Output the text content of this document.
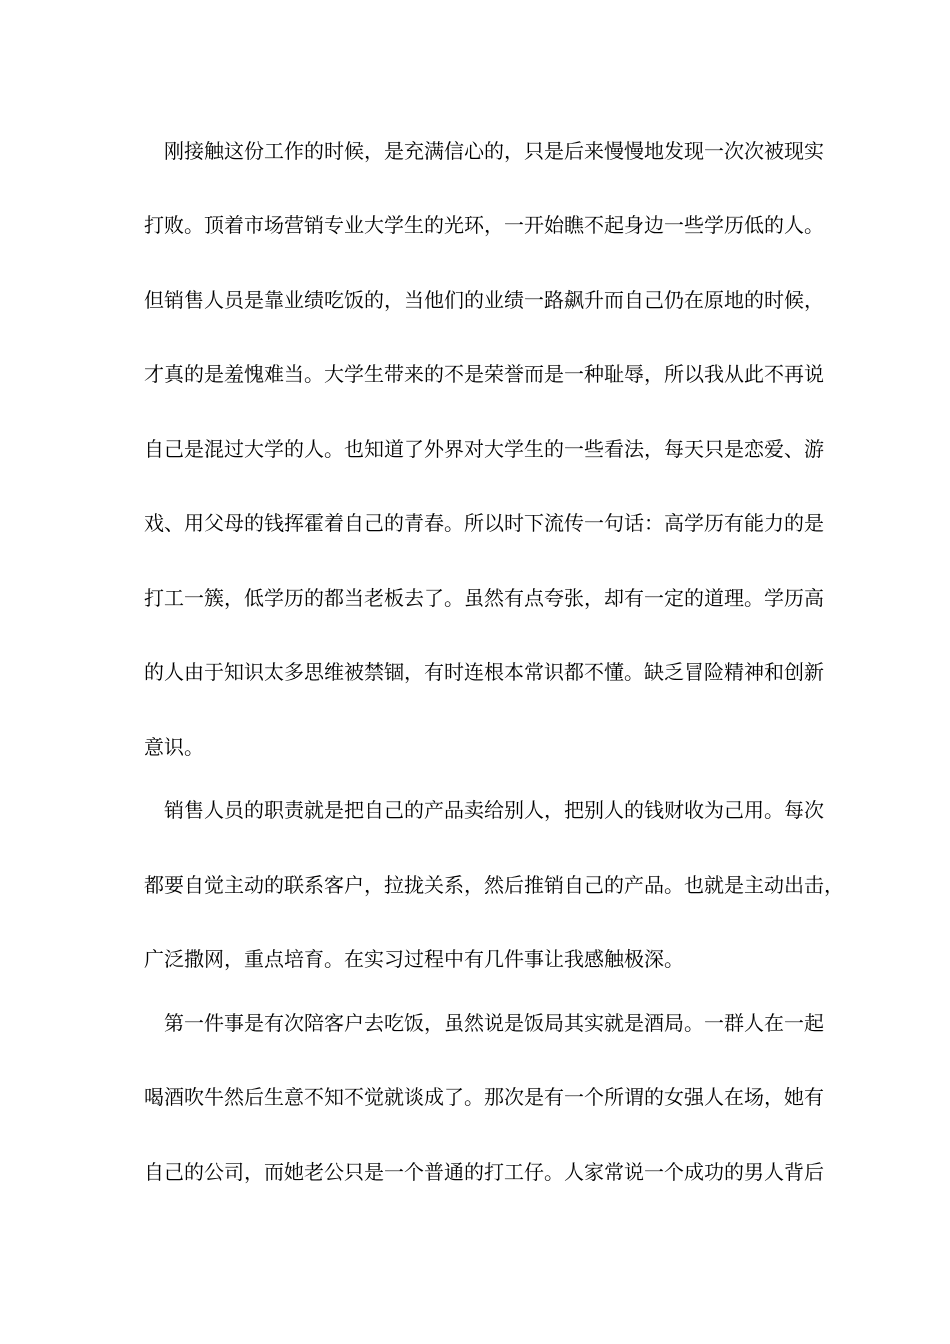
　刚接触这份工作的时候，是充满信心的，只是后来慢慢地发现一次次被现实
打败。顶着市场营销专业大学生的光环，一开始瞧不起身边一些学历低的人。
但销售人员是靠业绩吃饭的，当他们的业绩一路飙升而自己仍在原地的时候，
才真的是羞愧难当。大学生带来的不是荣誉而是一种耻辱，所以我从此不再说
自己是混过大学的人。也知道了外界对大学生的一些看法，每天只是恋爱、游
戏、用父母的钱挥霍着自己的青春。所以时下流传一句话：高学历有能力的是
打工一簇，低学历的都当老板去了。虽然有点夸张，却有一定的道理。学历高
的人由于知识太多思维被禁锢，有时连根本常识都不懂。缺乏冒险精神和创新
意识。
　销售人员的职责就是把自己的产品卖给别人，把别人的钱财收为己用。每次
都要自觉主动的联系客户，拉拢关系，然后推销自己的产品。也就是主动出击，
广泛撒网，重点培育。在实习过程中有几件事让我感触极深。
　第一件事是有次陪客户去吃饭，虽然说是饭局其实就是酒局。一群人在一起
喝酒吹牛然后生意不知不觉就谈成了。那次是有一个所谓的女强人在场，她有
自己的公司，而她老公只是一个普通的打工仔。人家常说一个成功的男人背后
